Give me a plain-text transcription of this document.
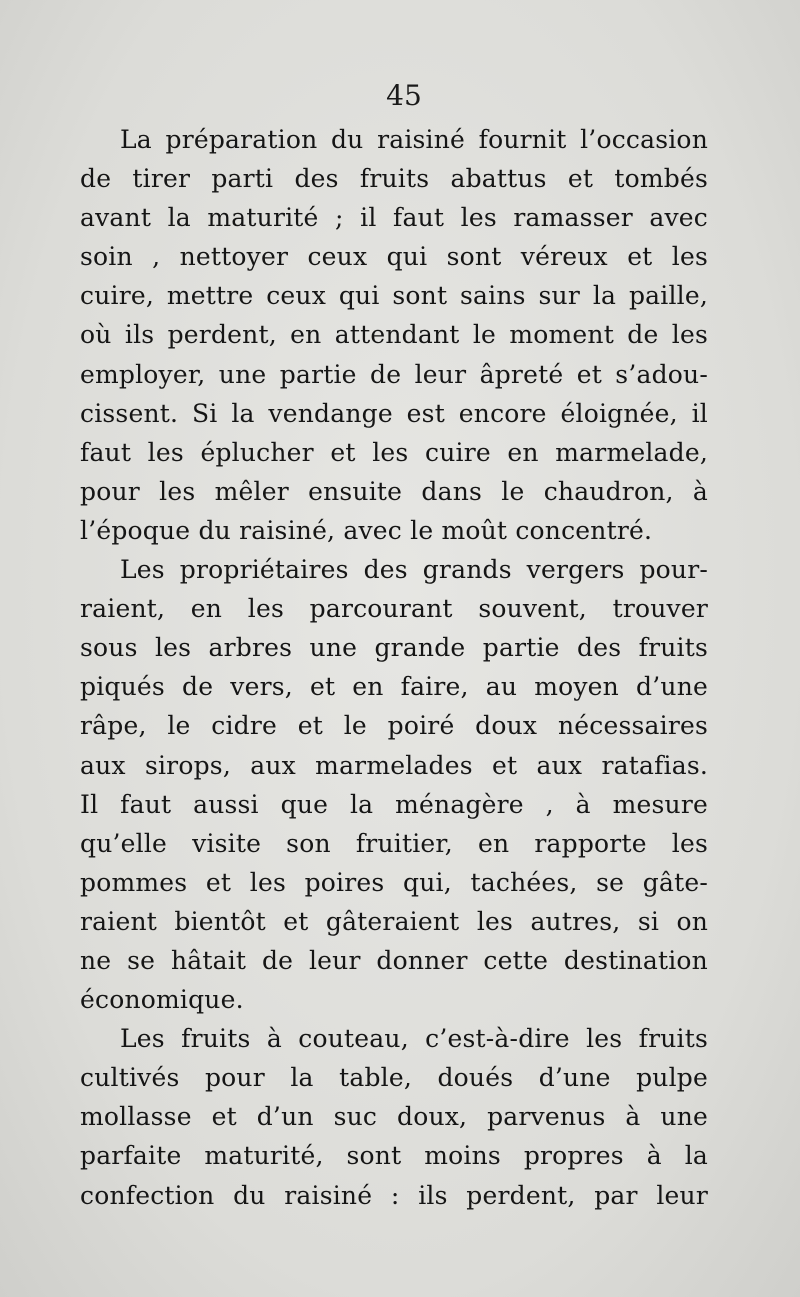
45
La préparation du raisiné fournit l’occasion
de tirer parti des fruits abattus et tombés
avant la maturité ; il faut les ramasser avec
soin , nettoyer ceux qui sont véreux et les
cuire, mettre ceux qui sont sains sur la paille,
où ils perdent, en attendant le moment de les
employer, une partie de leur âpreté et s’adou-
cissent. Si la vendange est encore éloignée, il
faut les éplucher et les cuire en marmelade,
pour les mêler ensuite dans le chaudron, à
l’époque du raisiné, avec le moût concentré.
Les propriétaires des grands vergers pour-
raient, en les parcourant souvent, trouver
sous les arbres une grande partie des fruits
piqués de vers, et en faire, au moyen d’une
râpe, le cidre et le poiré doux nécessaires
aux sirops, aux marmelades et aux ratafias.
Il faut aussi que la ménagère , à mesure
qu’elle visite son fruitier, en rapporte les
pommes et les poires qui, tachées, se gâte-
raient bientôt et gâteraient les autres, si on
ne se hâtait de leur donner cette destination
économique.
Les fruits à couteau, c’est-à-dire les fruits
cultivés pour la table, doués d’une pulpe
mollasse et d’un suc doux, parvenus à une
parfaite maturité, sont moins propres à la
confection du raisiné : ils perdent, par leur
